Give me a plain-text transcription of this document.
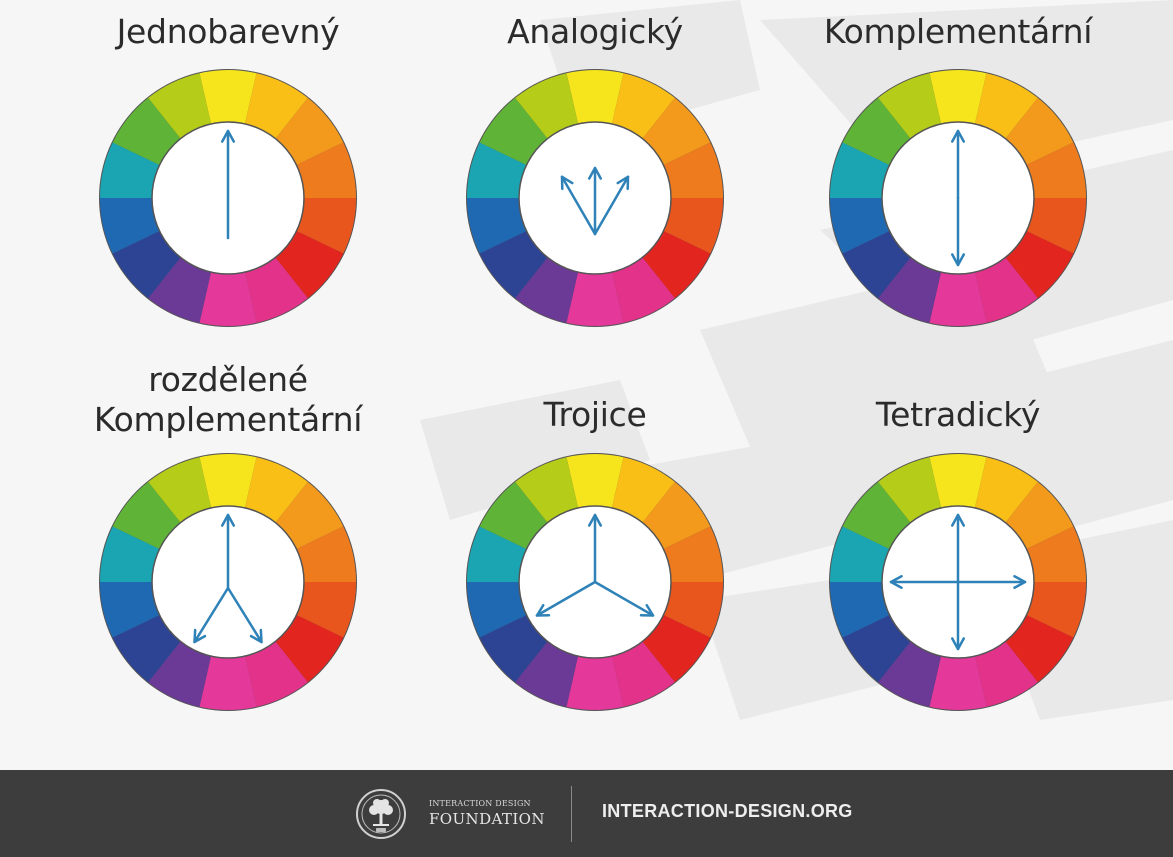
Jednobarevný	Analogický	Komplementární
rozdělené
Komplementární	Trojice	Tetradický
INTERACTION DESIGN
FOUNDATION	INTERACTION-DESIGN.ORG
